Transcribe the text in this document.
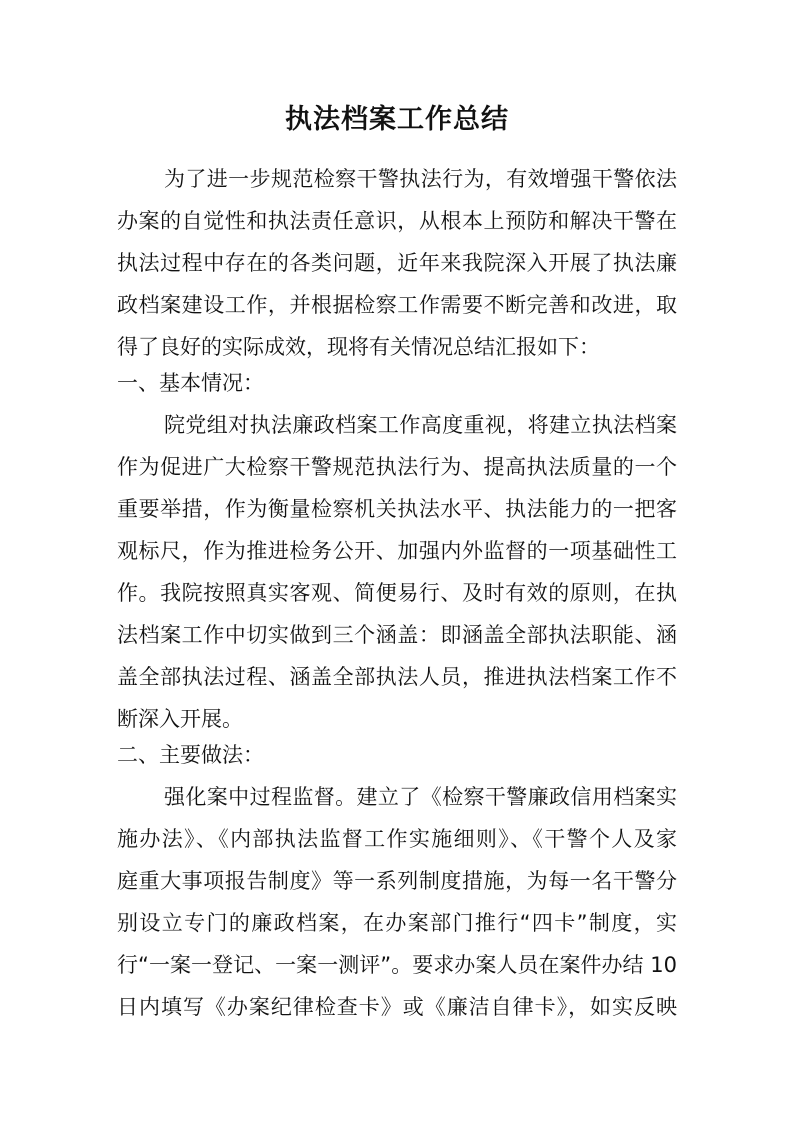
执法档案工作总结
为了进一步规范检察干警执法行为，有效增强干警依法
办案的自觉性和执法责任意识，从根本上预防和解决干警在
执法过程中存在的各类问题，近年来我院深入开展了执法廉
政档案建设工作，并根据检察工作需要不断完善和改进，取
得了良好的实际成效，现将有关情况总结汇报如下：
一、基本情况：
院党组对执法廉政档案工作高度重视，将建立执法档案
作为促进广大检察干警规范执法行为、提高执法质量的一个
重要举措，作为衡量检察机关执法水平、执法能力的一把客
观标尺，作为推进检务公开、加强内外监督的一项基础性工
作。我院按照真实客观、简便易行、及时有效的原则，在执
法档案工作中切实做到三个涵盖：即涵盖全部执法职能、涵
盖全部执法过程、涵盖全部执法人员，推进执法档案工作不
断深入开展。
二、主要做法：
强化案中过程监督。建立了《检察干警廉政信用档案实
施办法》、《内部执法监督工作实施细则》、《干警个人及家
庭重大事项报告制度》等一系列制度措施，为每一名干警分
别设立专门的廉政档案，在办案部门推行“四卡”制度，实
行“一案一登记、一案一测评”。要求办案人员在案件办结 10
日内填写《办案纪律检查卡》或《廉洁自律卡》，如实反映
